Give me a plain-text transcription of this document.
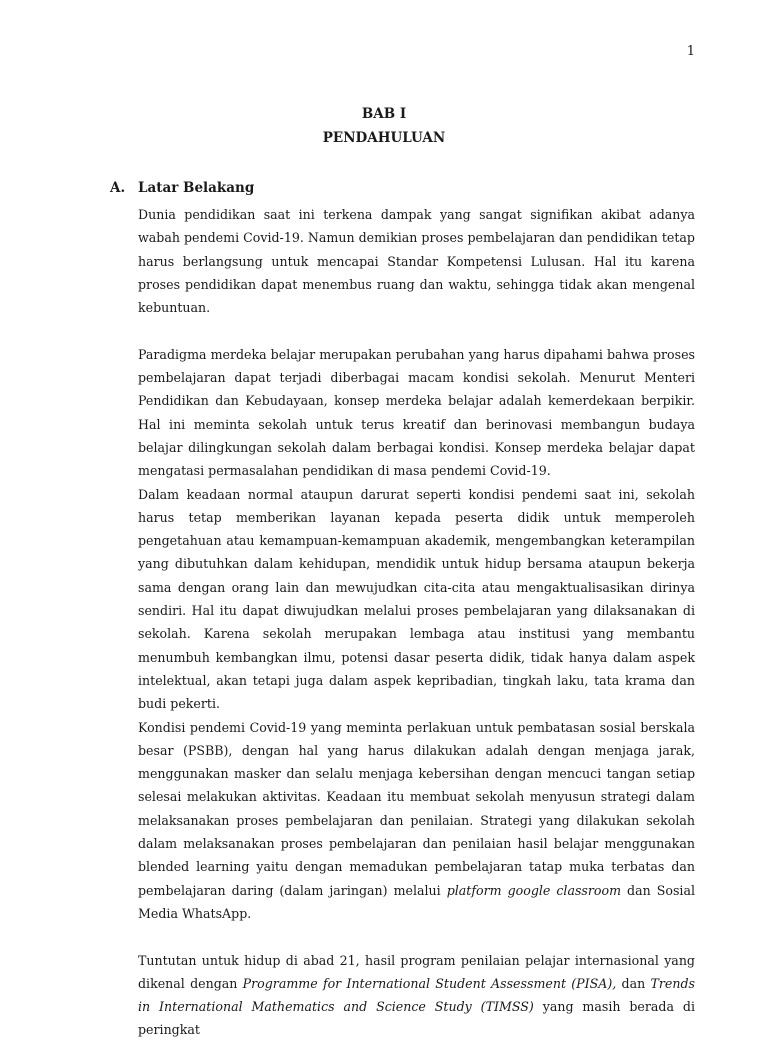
1
BAB I
PENDAHULUAN
A. Latar Belakang

Dunia pendidikan saat ini terkena dampak yang sangat signifikan akibat adanya wabah pendemi Covid-19. Namun demikian proses pembelajaran dan pendidikan tetap harus berlangsung untuk mencapai Standar Kompetensi Lulusan. Hal itu karena proses pendidikan dapat menembus ruang dan waktu, sehingga tidak akan mengenal kebuntuan.

Paradigma merdeka belajar merupakan perubahan yang harus dipahami bahwa proses pembelajaran dapat terjadi diberbagai macam kondisi sekolah. Menurut Menteri Pendidikan dan Kebudayaan, konsep merdeka belajar adalah kemerdekaan berpikir. Hal ini meminta sekolah untuk terus kreatif dan berinovasi membangun budaya belajar dilingkungan sekolah dalam berbagai kondisi. Konsep merdeka belajar dapat mengatasi permasalahan pendidikan di masa pendemi Covid-19.

Dalam keadaan normal ataupun darurat seperti kondisi pendemi saat ini, sekolah harus tetap memberikan layanan kepada peserta didik untuk memperoleh pengetahuan atau kemampuan-kemampuan akademik, mengembangkan keterampilan yang dibutuhkan dalam kehidupan, mendidik untuk hidup bersama ataupun bekerja sama dengan orang lain dan mewujudkan cita-cita atau mengaktualisasikan dirinya sendiri. Hal itu dapat diwujudkan melalui proses pembelajaran yang dilaksanakan di sekolah. Karena sekolah merupakan lembaga atau institusi yang membantu menumbuh kembangkan ilmu, potensi dasar peserta didik, tidak hanya dalam aspek intelektual, akan tetapi juga dalam aspek kepribadian, tingkah laku, tata krama dan budi pekerti.

Kondisi pendemi Covid-19 yang meminta perlakuan untuk pembatasan sosial berskala besar (PSBB), dengan hal yang harus dilakukan adalah dengan menjaga jarak, menggunakan masker dan selalu menjaga kebersihan dengan mencuci tangan setiap selesai melakukan aktivitas. Keadaan itu membuat sekolah menyusun strategi dalam melaksanakan proses pembelajaran dan penilaian. Strategi yang dilakukan sekolah dalam melaksanakan proses pembelajaran dan penilaian hasil belajar menggunakan blended learning yaitu dengan memadukan pembelajaran tatap muka terbatas dan pembelajaran daring (dalam jaringan) melalui platform google classroom dan Sosial Media WhatsApp.

Tuntutan untuk hidup di abad 21, hasil program penilaian pelajar internasional yang dikenal dengan Programme for International Student Assessment (PISA), dan Trends in International Mathematics and Science Study (TIMSS) yang masih berada di peringkat
